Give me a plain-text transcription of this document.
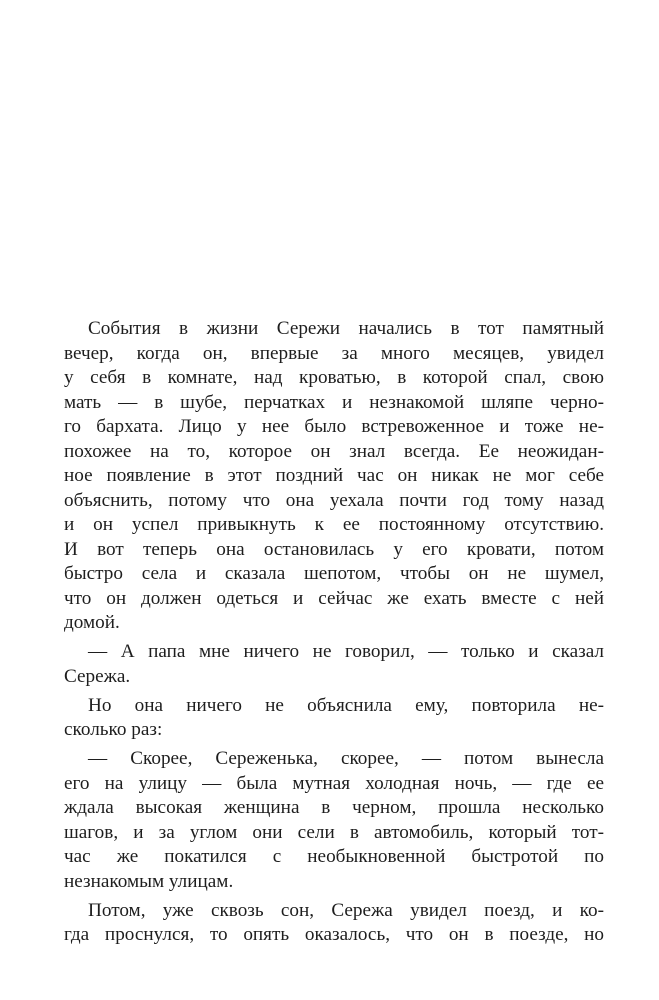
События в жизни Сережи начались в тот памятный
вечер, когда он, впервые за много месяцев, увидел
у себя в комнате, над кроватью, в которой спал, свою
мать — в шубе, перчатках и незнакомой шляпе черно-
го бархата. Лицо у нее было встревоженное и тоже не-
похожее на то, которое он знал всегда. Ее неожидан-
ное появление в этот поздний час он никак не мог себе
объяснить, потому что она уехала почти год тому назад
и он успел привыкнуть к ее постоянному отсутствию.
И вот теперь она остановилась у его кровати, потом
быстро села и сказала шепотом, чтобы он не шумел,
что он должен одеться и сейчас же ехать вместе с ней
домой.
— А папа мне ничего не говорил, — только и сказал
Сережа.
Но она ничего не объяснила ему, повторила не-
сколько раз:
— Скорее, Сереженька, скорее, — потом вынесла
его на улицу — была мутная холодная ночь, — где ее
ждала высокая женщина в черном, прошла несколько
шагов, и за углом они сели в автомобиль, который тот-
час же покатился с необыкновенной быстротой по
незнакомым улицам.
Потом, уже сквозь сон, Сережа увидел поезд, и ко-
гда проснулся, то опять оказалось, что он в поезде, но
